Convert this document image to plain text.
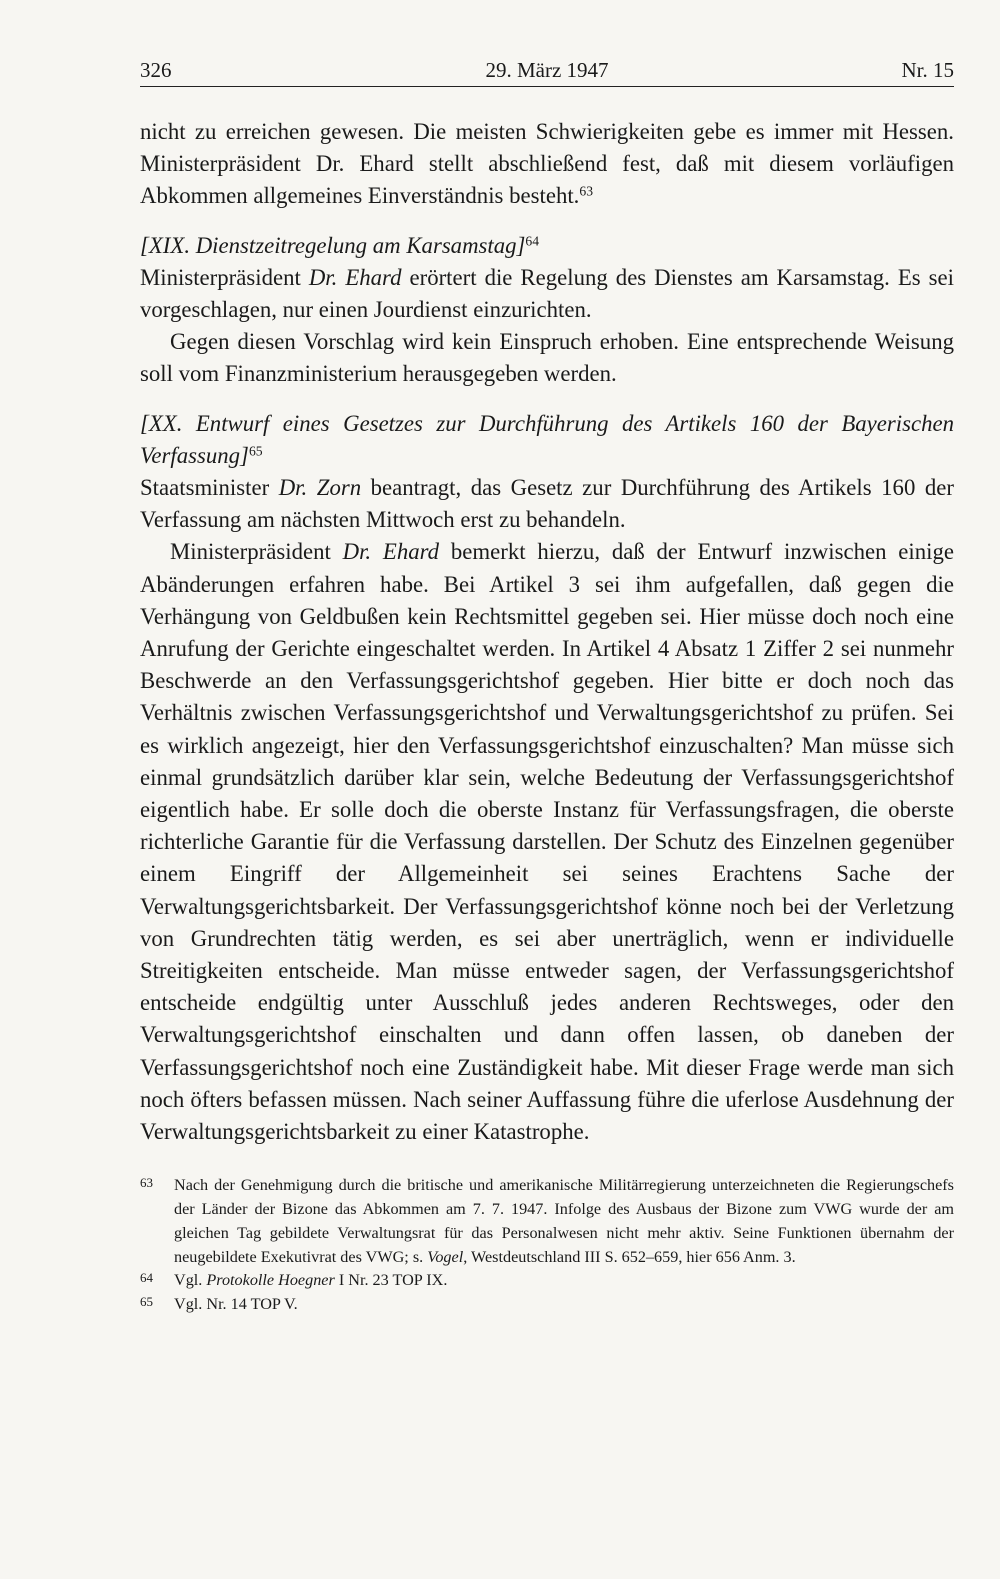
326	29. März 1947	Nr. 15

nicht zu erreichen gewesen. Die meisten Schwierigkeiten gebe es immer mit Hessen. Ministerpräsident Dr. Ehard stellt abschließend fest, daß mit diesem vorläufigen Abkommen allgemeines Einverständnis besteht.$^{63}$

[XIX. Dienstzeitregelung am Karsamstag]$^{64}$

Ministerpräsident Dr. Ehard erörtert die Regelung des Dienstes am Karsamstag. Es sei vorgeschlagen, nur einen Jourdienst einzurichten.

Gegen diesen Vorschlag wird kein Einspruch erhoben. Eine entsprechende Weisung soll vom Finanzministerium herausgegeben werden.

[XX. Entwurf eines Gesetzes zur Durchführung des Artikels 160 der Bayerischen Verfassung]$^{65}$

Staatsminister Dr. Zorn beantragt, das Gesetz zur Durchführung des Artikels 160 der Verfassung am nächsten Mittwoch erst zu behandeln.

Ministerpräsident Dr. Ehard bemerkt hierzu, daß der Entwurf inzwischen einige Abänderungen erfahren habe. Bei Artikel 3 sei ihm aufgefallen, daß gegen die Verhängung von Geldbußen kein Rechtsmittel gegeben sei. Hier müsse doch noch eine Anrufung der Gerichte eingeschaltet werden. In Artikel 4 Absatz 1 Ziffer 2 sei nunmehr Beschwerde an den Verfassungsgerichtshof gegeben. Hier bitte er doch noch das Verhältnis zwischen Verfassungsgerichtshof und Verwaltungsgerichtshof zu prüfen. Sei es wirklich angezeigt, hier den Verfassungsgerichtshof einzuschalten? Man müsse sich einmal grundsätzlich darüber klar sein, welche Bedeutung der Verfassungsgerichtshof eigentlich habe. Er solle doch die oberste Instanz für Verfassungsfragen, die oberste richterliche Garantie für die Verfassung darstellen. Der Schutz des Einzelnen gegenüber einem Eingriff der Allgemeinheit sei seines Erachtens Sache der Verwaltungsgerichtsbarkeit. Der Verfassungsgerichtshof könne noch bei der Verletzung von Grundrechten tätig werden, es sei aber unerträglich, wenn er individuelle Streitigkeiten entscheide. Man müsse entweder sagen, der Verfassungsgerichtshof entscheide endgültig unter Ausschluß jedes anderen Rechtsweges, oder den Verwaltungsgerichtshof einschalten und dann offen lassen, ob daneben der Verfassungsgerichtshof noch eine Zuständigkeit habe. Mit dieser Frage werde man sich noch öfters befassen müssen. Nach seiner Auffassung führe die uferlose Ausdehnung der Verwaltungsgerichtsbarkeit zu einer Katastrophe.

63	Nach der Genehmigung durch die britische und amerikanische Militärregierung unterzeichneten die Regierungschefs der Länder der Bizone das Abkommen am 7. 7. 1947. Infolge des Ausbaus der Bizone zum VWG wurde der am gleichen Tag gebildete Verwaltungsrat für das Personalwesen nicht mehr aktiv. Seine Funktionen übernahm der neugebildete Exekutivrat des VWG; s. Vogel, Westdeutschland III S. 652–659, hier 656 Anm. 3.
64	Vgl. Protokolle Hoegner I Nr. 23 TOP IX.
65	Vgl. Nr. 14 TOP V.
